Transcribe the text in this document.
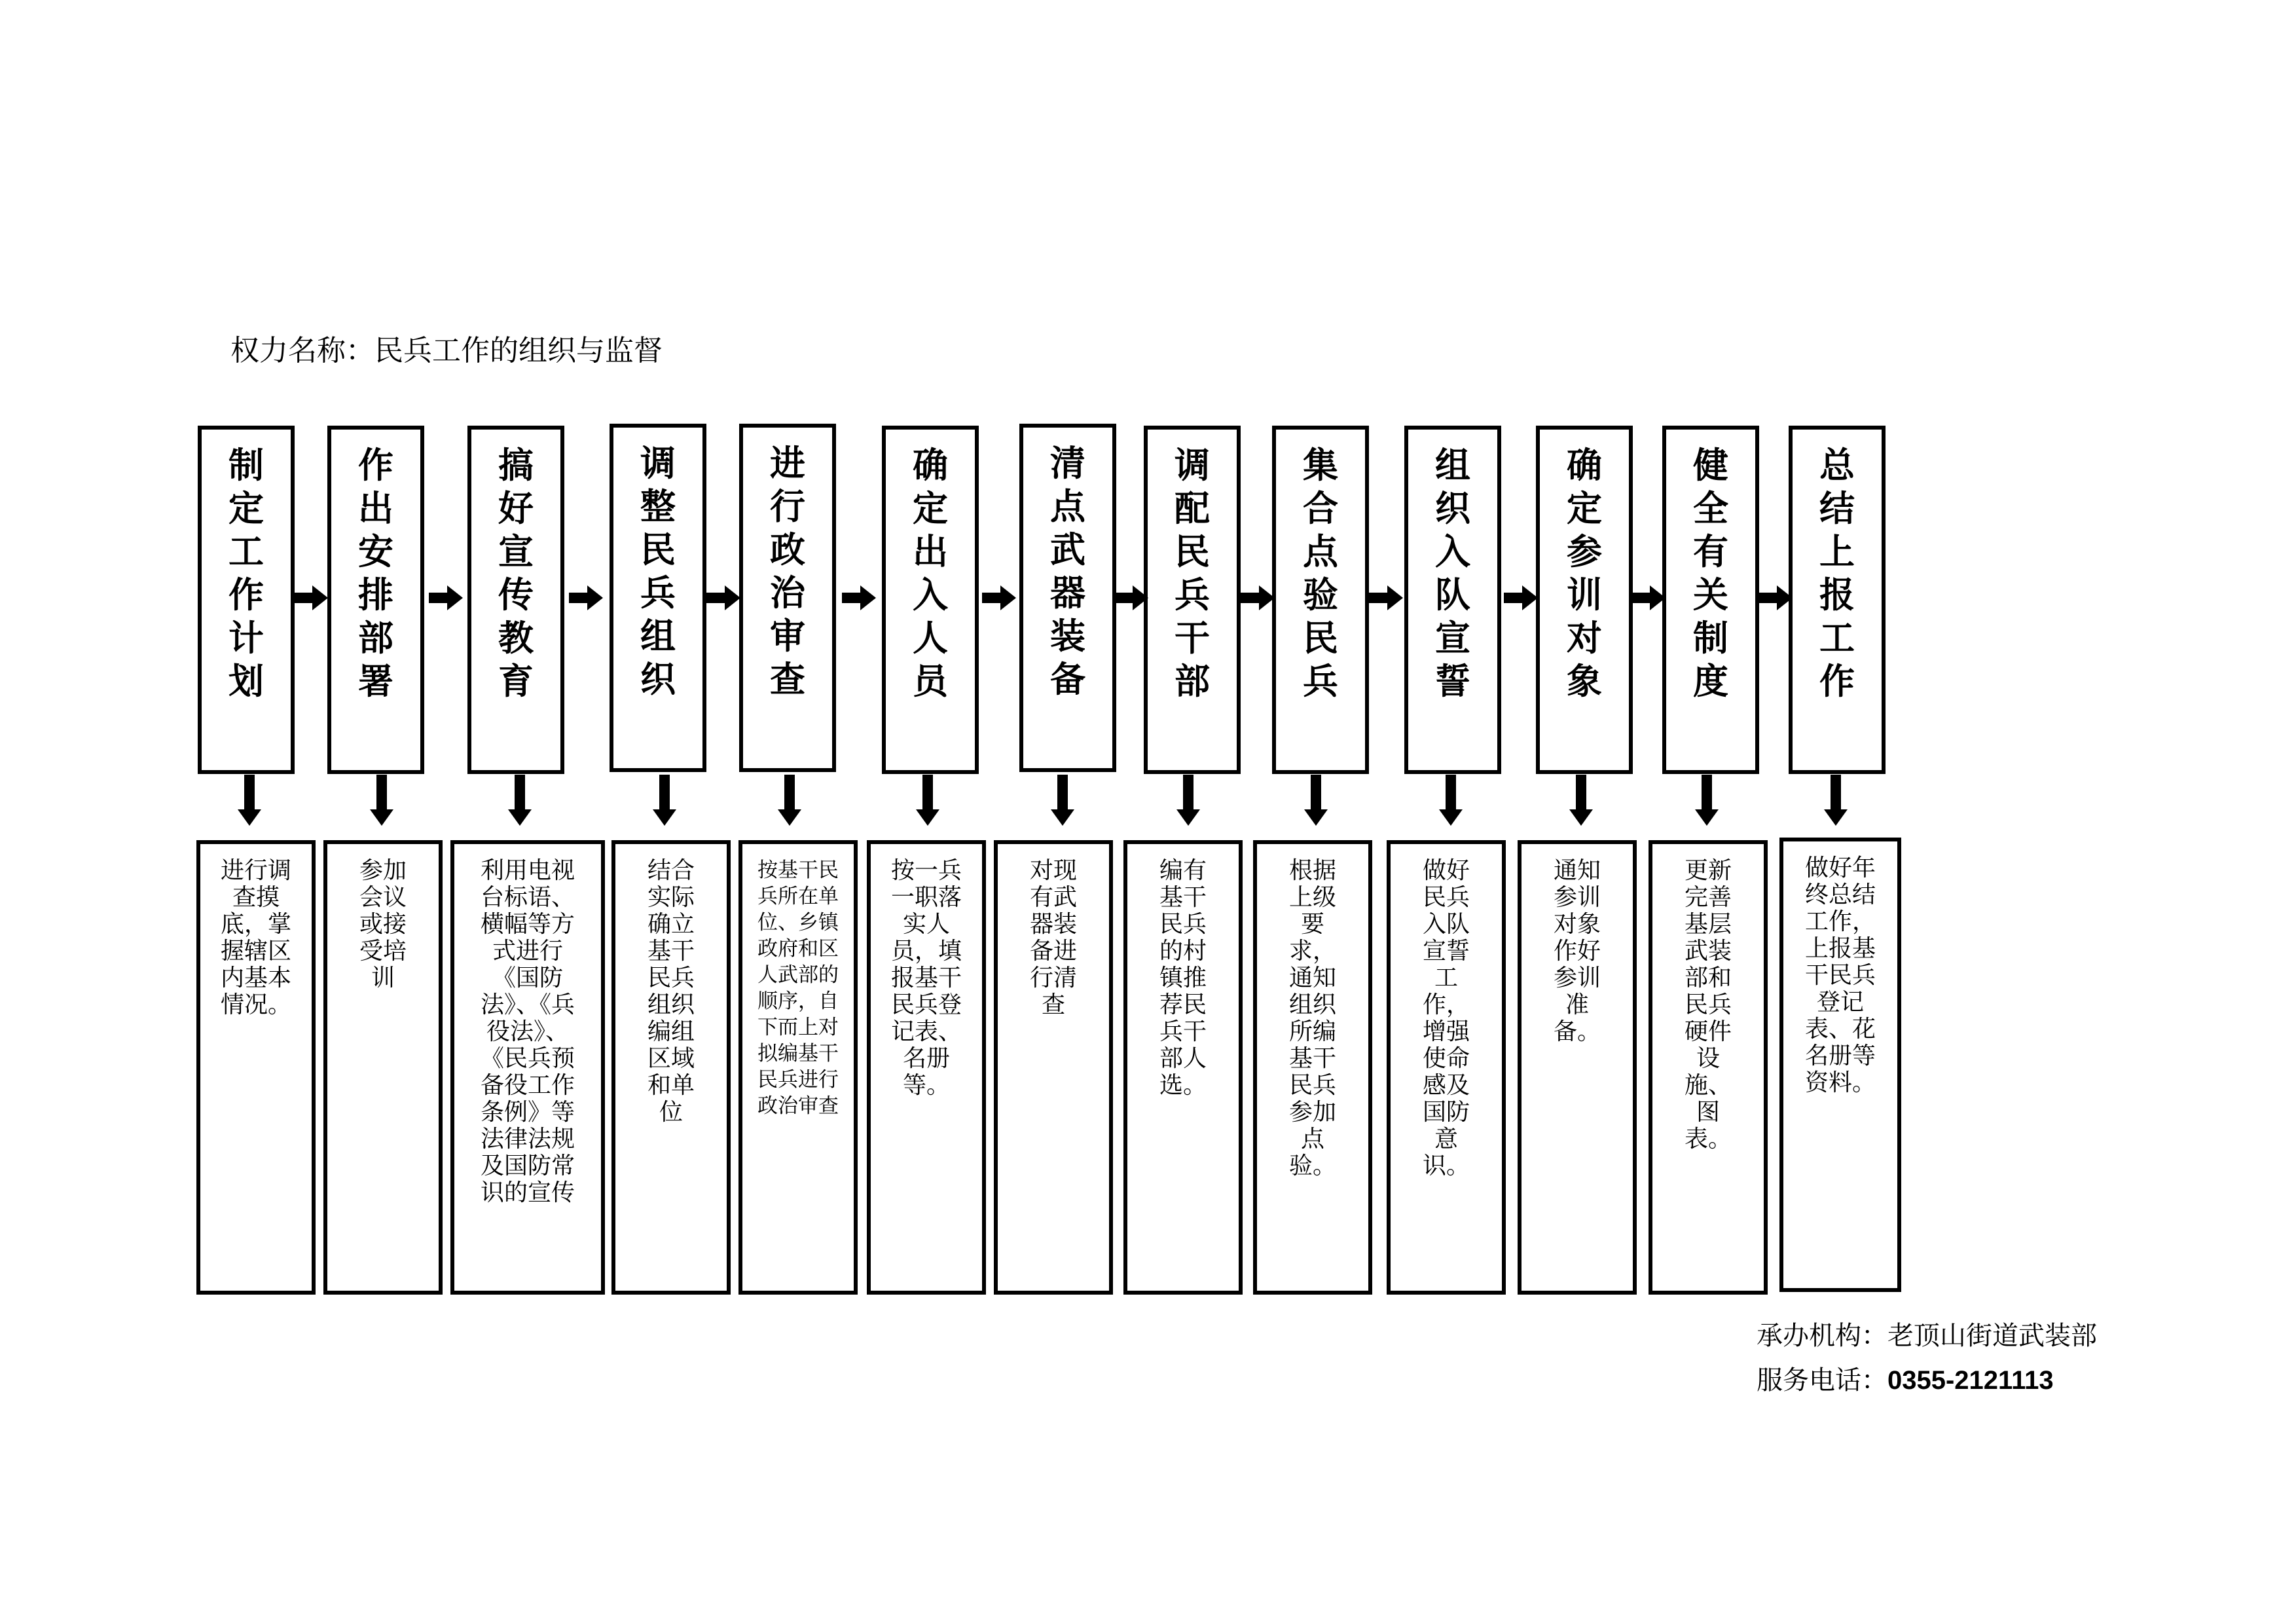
权力名称：民兵工作的组织与监督
制定工作计划
作出安排部署
搞好宣传教育
调整民兵组织
进行政治审查
确定出入人员
清点武器装备
调配民兵干部
集合点验民兵
组织入队宣誓
确定参训对象
健全有关制度
总结上报工作
进行调查摸底，掌握辖区内基本情况。
参加会议或接受培训
利用电视台标语、横幅等方式进行《国防法》、《兵役法》、《民兵预备役工作条例》等法律法规及国防常识的宣传
结合实际确立基干民兵组织编组区域和单位
按基干民兵所在单位、乡镇政府和区人武部的顺序，自下而上对拟编基干民兵进行政治审查
按一兵一职落实人员，填报基干民兵登记表、名册等。
对现有武器装备进行清查
编有基干民兵的村镇推荐民兵干部人选。
根据上级要求，通知组织所编基干民兵参加点验。
做好民兵入队宣誓工作，增强使命感及国防意识。
通知参训对象作好参训准备。
更新完善基层武装部和民兵硬件设施、图表。
做好年终总结工作，上报基干民兵登记表、花名册等资料。
承办机构：老顶山街道武装部
服务电话：0355-2121113
